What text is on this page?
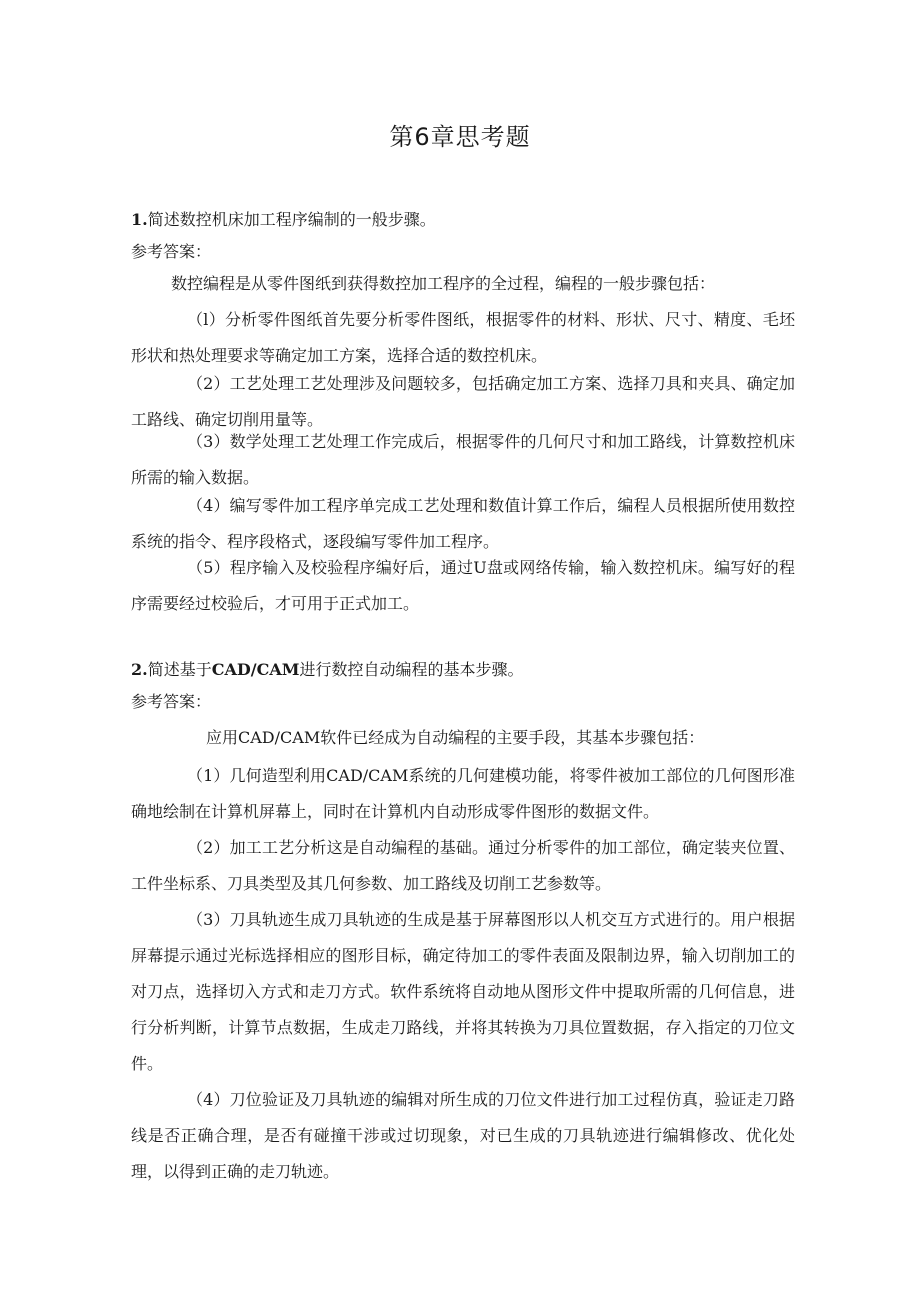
第6章思考题
1.简述数控机床加工程序编制的一般步骤。
参考答案：
数控编程是从零件图纸到获得数控加工程序的全过程，编程的一般步骤包括：

（l）分析零件图纸首先要分析零件图纸，根据零件的材料、形状、尺寸、精度、毛坯形状和热处理要求等确定加工方案，选择合适的数控机床。

（2）工艺处理工艺处理涉及问题较多，包括确定加工方案、选择刀具和夹具、确定加工路线、确定切削用量等。

（3）数学处理工艺处理工作完成后，根据零件的几何尺寸和加工路线，计算数控机床所需的输入数据。

（4）编写零件加工程序单完成工艺处理和数值计算工作后，编程人员根据所使用数控系统的指令、程序段格式，逐段编写零件加工程序。

（5）程序输入及校验程序编好后，通过U盘或网络传输，输入数控机床。编写好的程序需要经过校验后，才可用于正式加工。

2.简述基于CAD/CAM进行数控自动编程的基本步骤。
参考答案：
应用CAD/CAM软件已经成为自动编程的主要手段，其基本步骤包括：

（1）几何造型利用CAD/CAM系统的几何建模功能，将零件被加工部位的几何图形准确地绘制在计算机屏幕上，同时在计算机内自动形成零件图形的数据文件。

（2）加工工艺分析这是自动编程的基础。通过分析零件的加工部位，确定装夹位置、工件坐标系、刀具类型及其几何参数、加工路线及切削工艺参数等。

（3）刀具轨迹生成刀具轨迹的生成是基于屏幕图形以人机交互方式进行的。用户根据屏幕提示通过光标选择相应的图形目标，确定待加工的零件表面及限制边界，输入切削加工的对刀点，选择切入方式和走刀方式。软件系统将自动地从图形文件中提取所需的几何信息，进行分析判断，计算节点数据，生成走刀路线，并将其转换为刀具位置数据，存入指定的刀位文件。

（4）刀位验证及刀具轨迹的编辑对所生成的刀位文件进行加工过程仿真，验证走刀路线是否正确合理，是否有碰撞干涉或过切现象，对已生成的刀具轨迹进行编辑修改、优化处理，以得到正确的走刀轨迹。
